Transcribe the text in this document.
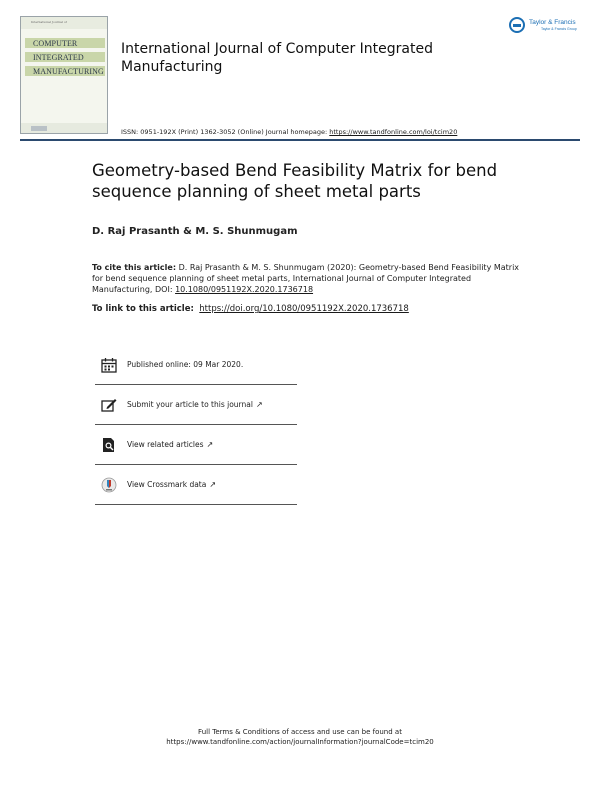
International Journal of
COMPUTER
INTEGRATED
MANUFACTURING
International Journal of Computer Integrated Manufacturing
Taylor & Francis
Taylor & Francis Group
ISSN: 0951-192X (Print) 1362-3052 (Online) Journal homepage: https://www.tandfonline.com/loi/tcim20
Geometry-based Bend Feasibility Matrix for bend sequence planning of sheet metal parts
D. Raj Prasanth & M. S. Shunmugam
To cite this article: D. Raj Prasanth & M. S. Shunmugam (2020): Geometry-based Bend Feasibility Matrix for bend sequence planning of sheet metal parts, International Journal of Computer Integrated Manufacturing, DOI: 10.1080/0951192X.2020.1736718
To link to this article: https://doi.org/10.1080/0951192X.2020.1736718
Published online: 09 Mar 2020.
Submit your article to this journal ↗
View related articles ↗
View Crossmark data ↗
Full Terms & Conditions of access and use can be found at
https://www.tandfonline.com/action/journalInformation?journalCode=tcim20
